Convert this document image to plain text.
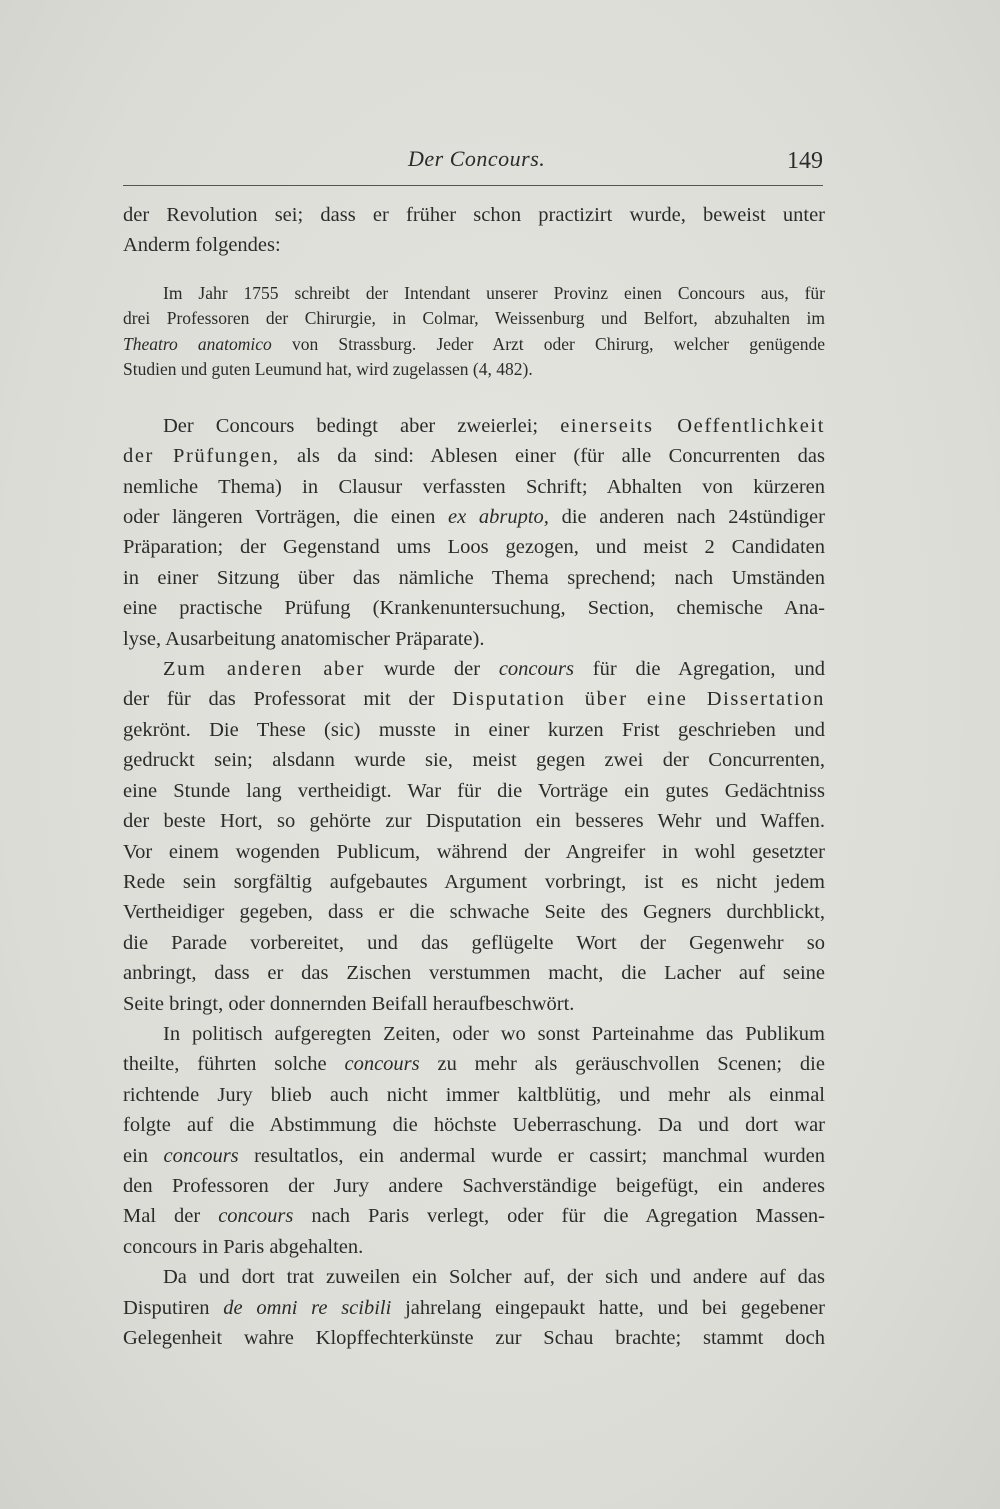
Der Concours.	149
der Revolution sei; dass er früher schon practizirt wurde, beweist unter
Anderm folgendes:
Im Jahr 1755 schreibt der Intendant unserer Provinz einen Concours aus, für
drei Professoren der Chirurgie, in Colmar, Weissenburg und Belfort, abzuhalten im
Theatro anatomico von Strassburg. Jeder Arzt oder Chirurg, welcher genügende
Studien und guten Leumund hat, wird zugelassen (4, 482).
Der Concours bedingt aber zweierlei; einerseits Oeffentlichkeit
der Prüfungen, als da sind: Ablesen einer (für alle Concurrenten das
nemliche Thema) in Clausur verfassten Schrift; Abhalten von kürzeren
oder längeren Vorträgen, die einen ex abrupto, die anderen nach 24stündiger
Präparation; der Gegenstand ums Loos gezogen, und meist 2 Candidaten
in einer Sitzung über das nämliche Thema sprechend; nach Umständen
eine practische Prüfung (Krankenuntersuchung, Section, chemische Ana-
lyse, Ausarbeitung anatomischer Präparate).
Zum anderen aber wurde der concours für die Agregation, und
der für das Professorat mit der Disputation über eine Dissertation
gekrönt. Die These (sic) musste in einer kurzen Frist geschrieben und
gedruckt sein; alsdann wurde sie, meist gegen zwei der Concurrenten,
eine Stunde lang vertheidigt. War für die Vorträge ein gutes Gedächtniss
der beste Hort, so gehörte zur Disputation ein besseres Wehr und Waffen.
Vor einem wogenden Publicum, während der Angreifer in wohl gesetzter
Rede sein sorgfältig aufgebautes Argument vorbringt, ist es nicht jedem
Vertheidiger gegeben, dass er die schwache Seite des Gegners durchblickt,
die Parade vorbereitet, und das geflügelte Wort der Gegenwehr so
anbringt, dass er das Zischen verstummen macht, die Lacher auf seine
Seite bringt, oder donnernden Beifall heraufbeschwört.
In politisch aufgeregten Zeiten, oder wo sonst Parteinahme das Publikum
theilte, führten solche concours zu mehr als geräuschvollen Scenen; die
richtende Jury blieb auch nicht immer kaltblütig, und mehr als einmal
folgte auf die Abstimmung die höchste Ueberraschung. Da und dort war
ein concours resultatlos, ein andermal wurde er cassirt; manchmal wurden
den Professoren der Jury andere Sachverständige beigefügt, ein anderes
Mal der concours nach Paris verlegt, oder für die Agregation Massen-
concours in Paris abgehalten.
Da und dort trat zuweilen ein Solcher auf, der sich und andere auf das
Disputiren de omni re scibili jahrelang eingepaukt hatte, und bei gegebener
Gelegenheit wahre Klopffechterkünste zur Schau brachte; stammt doch
